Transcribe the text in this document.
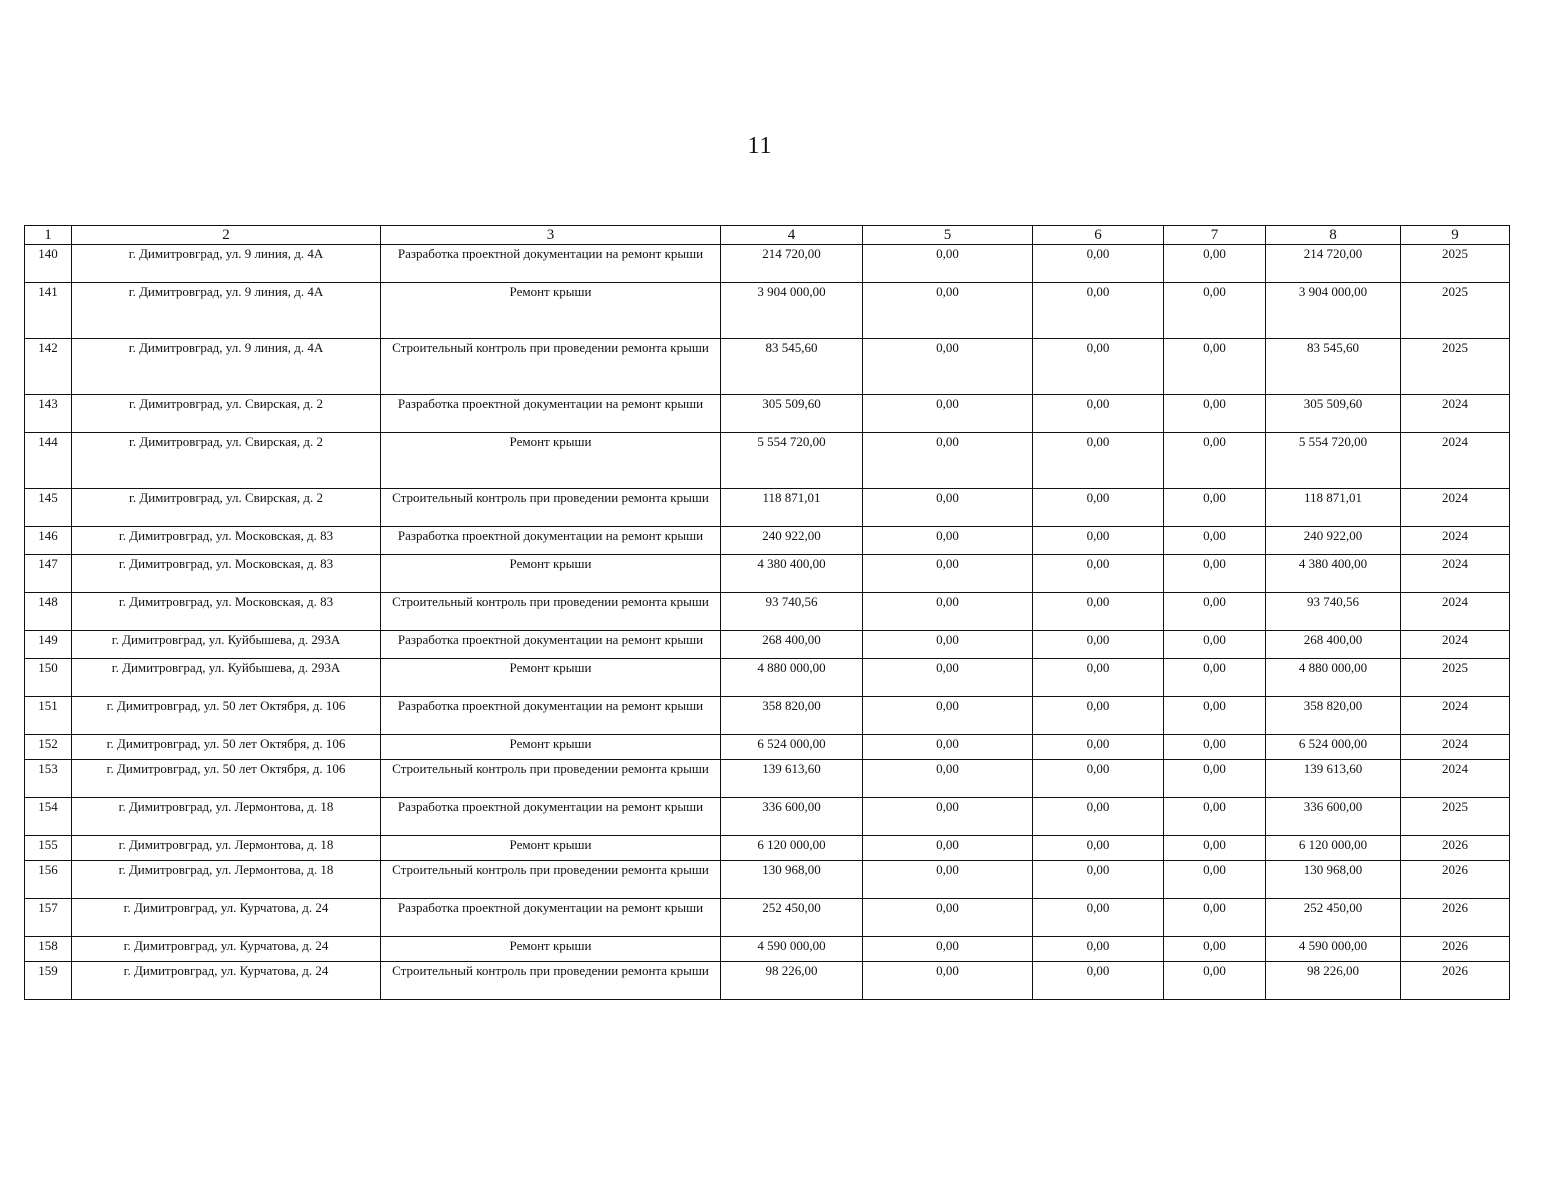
11
1	2	3	4	5	6	7	8	9
140	г. Димитровград, ул. 9 линия, д. 4А	Разработка проектной документации на ремонт крыши	214 720,00	0,00	0,00	0,00	214 720,00	2025
141	г. Димитровград, ул. 9 линия, д. 4А	Ремонт крыши	3 904 000,00	0,00	0,00	0,00	3 904 000,00	2025
142	г. Димитровград, ул. 9 линия, д. 4А	Строительный контроль при проведении ремонта крыши	83 545,60	0,00	0,00	0,00	83 545,60	2025
143	г. Димитровград, ул. Свирская, д. 2	Разработка проектной документации на ремонт крыши	305 509,60	0,00	0,00	0,00	305 509,60	2024
144	г. Димитровград, ул. Свирская, д. 2	Ремонт крыши	5 554 720,00	0,00	0,00	0,00	5 554 720,00	2024
145	г. Димитровград, ул. Свирская, д. 2	Строительный контроль при проведении ремонта крыши	118 871,01	0,00	0,00	0,00	118 871,01	2024
146	г. Димитровград, ул. Московская, д. 83	Разработка проектной документации на ремонт крыши	240 922,00	0,00	0,00	0,00	240 922,00	2024
147	г. Димитровград, ул. Московская, д. 83	Ремонт крыши	4 380 400,00	0,00	0,00	0,00	4 380 400,00	2024
148	г. Димитровград, ул. Московская, д. 83	Строительный контроль при проведении ремонта крыши	93 740,56	0,00	0,00	0,00	93 740,56	2024
149	г. Димитровград, ул. Куйбышева, д. 293А	Разработка проектной документации на ремонт крыши	268 400,00	0,00	0,00	0,00	268 400,00	2024
150	г. Димитровград, ул. Куйбышева, д. 293А	Ремонт крыши	4 880 000,00	0,00	0,00	0,00	4 880 000,00	2025
151	г. Димитровград, ул. 50 лет Октября, д. 106	Разработка проектной документации на ремонт крыши	358 820,00	0,00	0,00	0,00	358 820,00	2024
152	г. Димитровград, ул. 50 лет Октября, д. 106	Ремонт крыши	6 524 000,00	0,00	0,00	0,00	6 524 000,00	2024
153	г. Димитровград, ул. 50 лет Октября, д. 106	Строительный контроль при проведении ремонта крыши	139 613,60	0,00	0,00	0,00	139 613,60	2024
154	г. Димитровград, ул. Лермонтова, д. 18	Разработка проектной документации на ремонт крыши	336 600,00	0,00	0,00	0,00	336 600,00	2025
155	г. Димитровград, ул. Лермонтова, д. 18	Ремонт крыши	6 120 000,00	0,00	0,00	0,00	6 120 000,00	2026
156	г. Димитровград, ул. Лермонтова, д. 18	Строительный контроль при проведении ремонта крыши	130 968,00	0,00	0,00	0,00	130 968,00	2026
157	г. Димитровград, ул. Курчатова, д. 24	Разработка проектной документации на ремонт крыши	252 450,00	0,00	0,00	0,00	252 450,00	2026
158	г. Димитровград, ул. Курчатова, д. 24	Ремонт крыши	4 590 000,00	0,00	0,00	0,00	4 590 000,00	2026
159	г. Димитровград, ул. Курчатова, д. 24	Строительный контроль при проведении ремонта крыши	98 226,00	0,00	0,00	0,00	98 226,00	2026
